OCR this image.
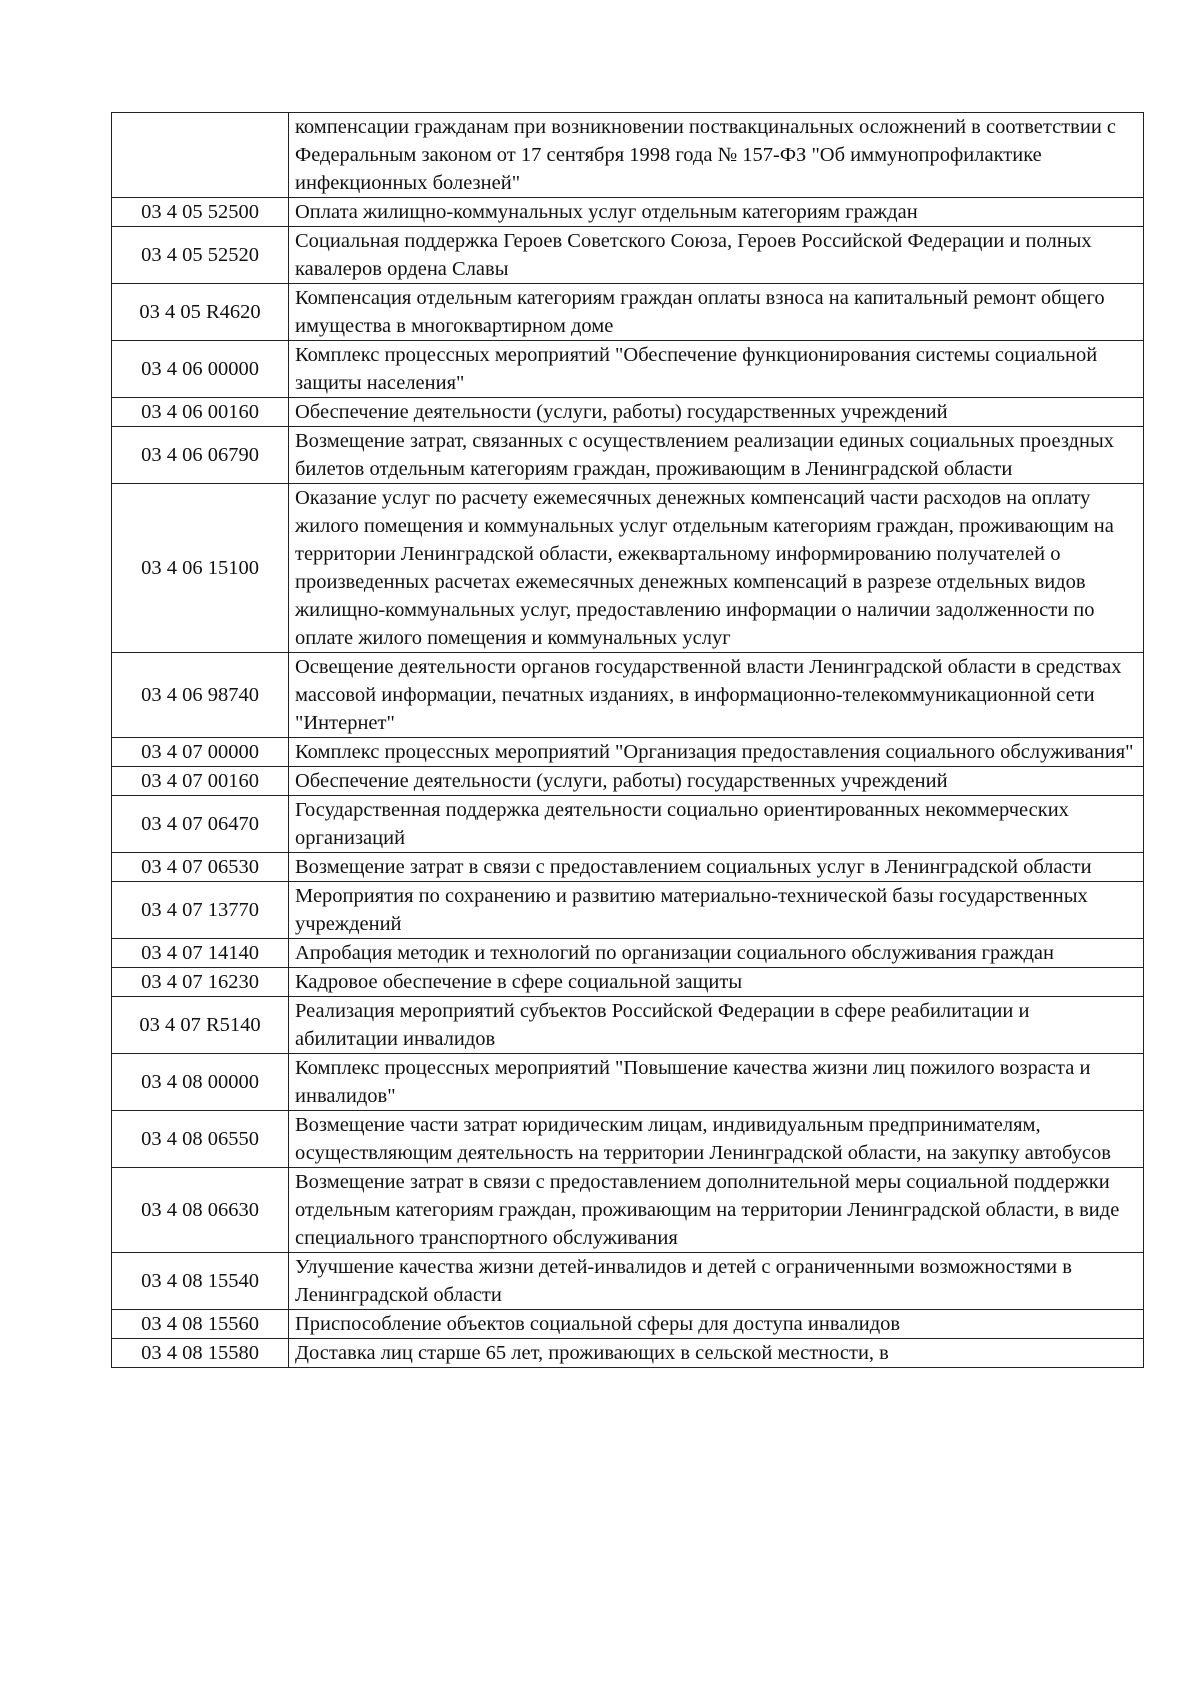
	компенсации гражданам при возникновении поствакцинальных осложнений в соответствии с Федеральным законом от 17 сентября 1998 года № 157-ФЗ "Об иммунопрофилактике инфекционных болезней"
03 4 05 52500	Оплата жилищно-коммунальных услуг отдельным категориям граждан
03 4 05 52520	Социальная поддержка Героев Советского Союза, Героев Российской Федерации и полных кавалеров ордена Славы
03 4 05 R4620	Компенсация отдельным категориям граждан оплаты взноса на капитальный ремонт общего имущества в многоквартирном доме
03 4 06 00000	Комплекс процессных мероприятий "Обеспечение функционирования системы социальной защиты населения"
03 4 06 00160	Обеспечение деятельности (услуги, работы) государственных учреждений
03 4 06 06790	Возмещение затрат, связанных с осуществлением реализации единых социальных проездных билетов отдельным категориям граждан, проживающим в Ленинградской области
03 4 06 15100	Оказание услуг по расчету ежемесячных денежных компенсаций части расходов на оплату жилого помещения и коммунальных услуг отдельным категориям граждан, проживающим на территории Ленинградской области, ежеквартальному информированию получателей о произведенных расчетах ежемесячных денежных компенсаций в разрезе отдельных видов жилищно-коммунальных услуг, предоставлению информации о наличии задолженности по оплате жилого помещения и коммунальных услуг
03 4 06 98740	Освещение деятельности органов государственной власти Ленинградской области в средствах массовой информации, печатных изданиях, в информационно-телекоммуникационной сети "Интернет"
03 4 07 00000	Комплекс процессных мероприятий "Организация предоставления социального обслуживания"
03 4 07 00160	Обеспечение деятельности (услуги, работы) государственных учреждений
03 4 07 06470	Государственная поддержка деятельности социально ориентированных некоммерческих организаций
03 4 07 06530	Возмещение затрат в связи с предоставлением социальных услуг в Ленинградской области
03 4 07 13770	Мероприятия по сохранению и развитию материально-технической базы государственных учреждений
03 4 07 14140	Апробация методик и технологий по организации социального обслуживания граждан
03 4 07 16230	Кадровое обеспечение в сфере социальной защиты
03 4 07 R5140	Реализация мероприятий субъектов Российской Федерации в сфере реабилитации и абилитации инвалидов
03 4 08 00000	Комплекс процессных мероприятий "Повышение качества жизни лиц пожилого возраста и инвалидов"
03 4 08 06550	Возмещение части затрат юридическим лицам, индивидуальным предпринимателям, осуществляющим деятельность на территории Ленинградской области, на закупку автобусов
03 4 08 06630	Возмещение затрат в связи с предоставлением дополнительной меры социальной поддержки отдельным категориям граждан, проживающим на территории Ленинградской области, в виде специального транспортного обслуживания
03 4 08 15540	Улучшение качества жизни детей-инвалидов и детей с ограниченными возможностями в Ленинградской области
03 4 08 15560	Приспособление объектов социальной сферы для доступа инвалидов
03 4 08 15580	Доставка лиц старше 65 лет, проживающих в сельской местности, в
